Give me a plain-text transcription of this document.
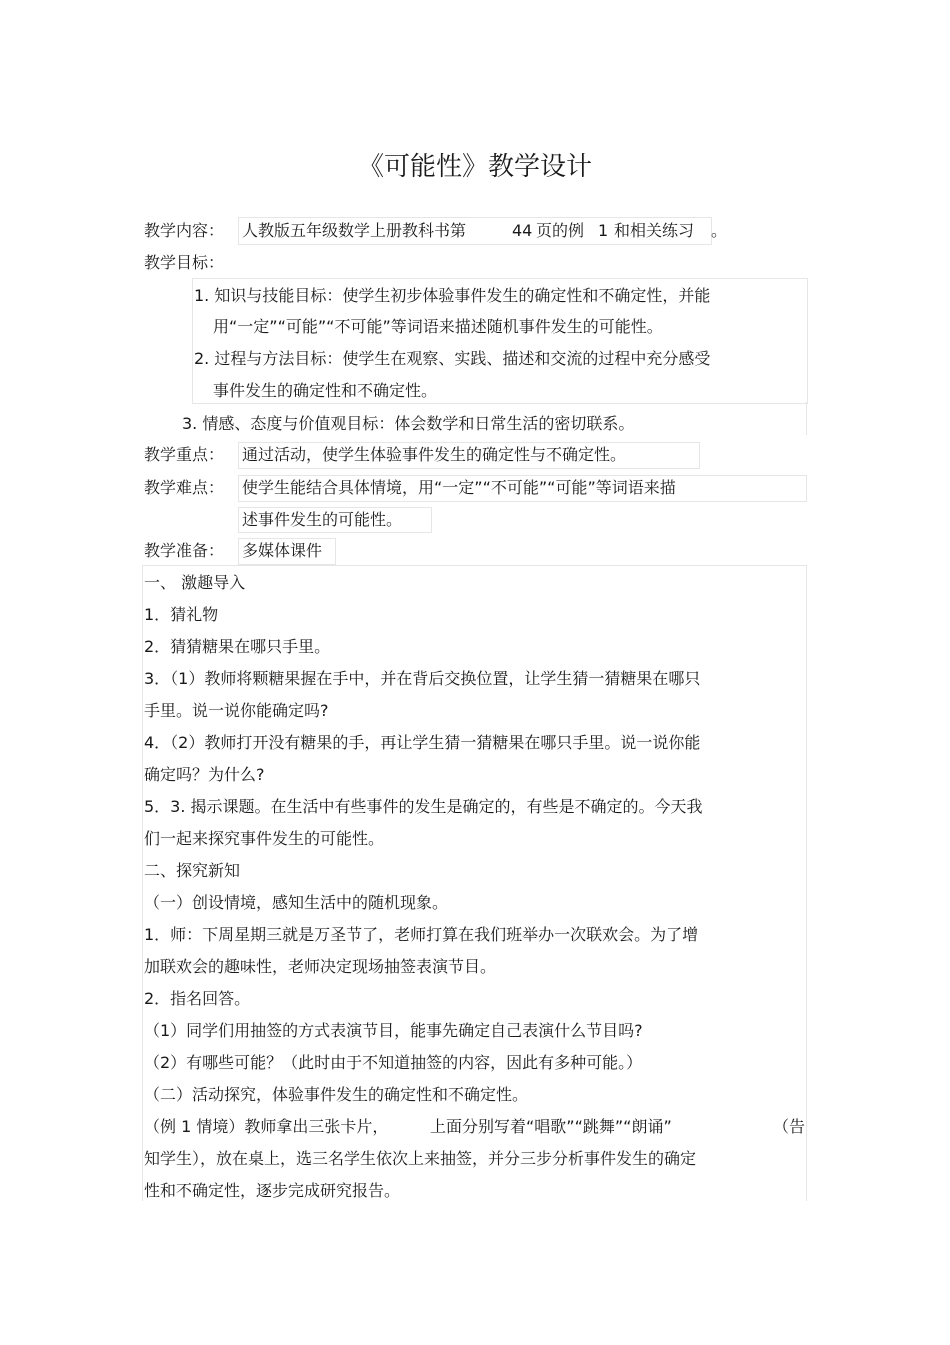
《可能性》教学设计
教学内容： 人教版五年级数学上册教科书第	44 页的例 1 和相关练习 。
教学目标：
1. 知识与技能目标：使学生初步体验事件发生的确定性和不确定性，并能
用“一定”“可能”“不可能”等词语来描述随机事件发生的可能性。
2. 过程与方法目标：使学生在观察、实践、描述和交流的过程中充分感受
事件发生的确定性和不确定性。
3. 情感、态度与价值观目标：体会数学和日常生活的密切联系。
教学重点： 通过活动，使学生体验事件发生的确定性与不确定性。
教学难点： 使学生能结合具体情境，用“一定”“不可能”“可能”等词语来描
述事件发生的可能性。
教学准备： 多媒体课件
一、 激趣导入
1．猜礼物
2．猜猜糖果在哪只手里。
3．（1）教师将颗糖果握在手中，并在背后交换位置，让学生猜一猜糖果在哪只
手里。说一说你能确定吗?
4．（2）教师打开没有糖果的手，再让学生猜一猜糖果在哪只手里。说一说你能
确定吗？为什么?
5．3. 揭示课题。在生活中有些事件的发生是确定的，有些是不确定的。今天我
们一起来探究事件发生的可能性。
二、探究新知
（一）创设情境，感知生活中的随机现象。
1．师：下周星期三就是万圣节了，老师打算在我们班举办一次联欢会。为了增
加联欢会的趣味性，老师决定现场抽签表演节目。
2．指名回答。
（1）同学们用抽签的方式表演节目，能事先确定自己表演什么节目吗?
（2）有哪些可能？（此时由于不知道抽签的内容，因此有多种可能。）
（二）活动探究，体验事件发生的确定性和不确定性。
（例 1 情境）教师拿出三张卡片，	上面分别写着“唱歌”“跳舞”“朗诵”	（告
知学生），放在桌上，选三名学生依次上来抽签，并分三步分析事件发生的确定
性和不确定性，逐步完成研究报告。
